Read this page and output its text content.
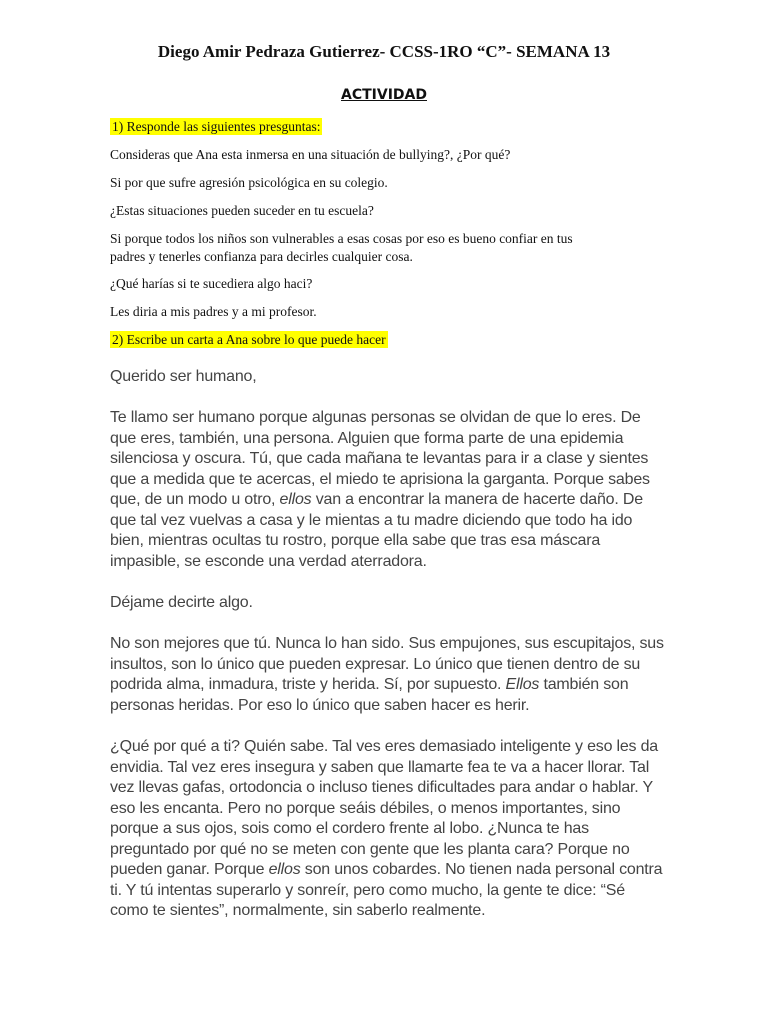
Diego Amir Pedraza Gutierrez- CCSS-1RO “C”- SEMANA 13
ACTIVIDAD
1) Responde las siguientes presguntas:
Consideras que Ana esta inmersa en una situación de bullying?, ¿Por qué?
Si por que sufre agresión psicológica en su colegio.
¿Estas situaciones pueden suceder en tu escuela?
Si porque todos los niños son vulnerables a esas cosas por eso es bueno confiar en tus
padres y tenerles confianza para decirles cualquier cosa.
¿Qué harías si te sucediera algo haci?
Les diria a mis padres y a mi profesor.
2) Escribe un carta a Ana sobre lo que puede hacer
Querido ser humano,
Te llamo ser humano porque algunas personas se olvidan de que lo eres. De
que eres, también, una persona. Alguien que forma parte de una epidemia
silenciosa y oscura. Tú, que cada mañana te levantas para ir a clase y sientes
que a medida que te acercas, el miedo te aprisiona la garganta. Porque sabes
que, de un modo u otro, ellos van a encontrar la manera de hacerte daño. De
que tal vez vuelvas a casa y le mientas a tu madre diciendo que todo ha ido
bien, mientras ocultas tu rostro, porque ella sabe que tras esa máscara
impasible, se esconde una verdad aterradora.
Déjame decirte algo.
No son mejores que tú. Nunca lo han sido. Sus empujones, sus escupitajos, sus
insultos, son lo único que pueden expresar. Lo único que tienen dentro de su
podrida alma, inmadura, triste y herida. Sí, por supuesto. Ellos también son
personas heridas. Por eso lo único que saben hacer es herir.
¿Qué por qué a ti? Quién sabe. Tal ves eres demasiado inteligente y eso les da
envidia. Tal vez eres insegura y saben que llamarte fea te va a hacer llorar. Tal
vez llevas gafas, ortodoncia o incluso tienes dificultades para andar o hablar. Y
eso les encanta. Pero no porque seáis débiles, o menos importantes, sino
porque a sus ojos, sois como el cordero frente al lobo. ¿Nunca te has
preguntado por qué no se meten con gente que les planta cara? Porque no
pueden ganar. Porque ellos son unos cobardes. No tienen nada personal contra
ti. Y tú intentas superarlo y sonreír, pero como mucho, la gente te dice: “Sé
como te sientes”, normalmente, sin saberlo realmente.
